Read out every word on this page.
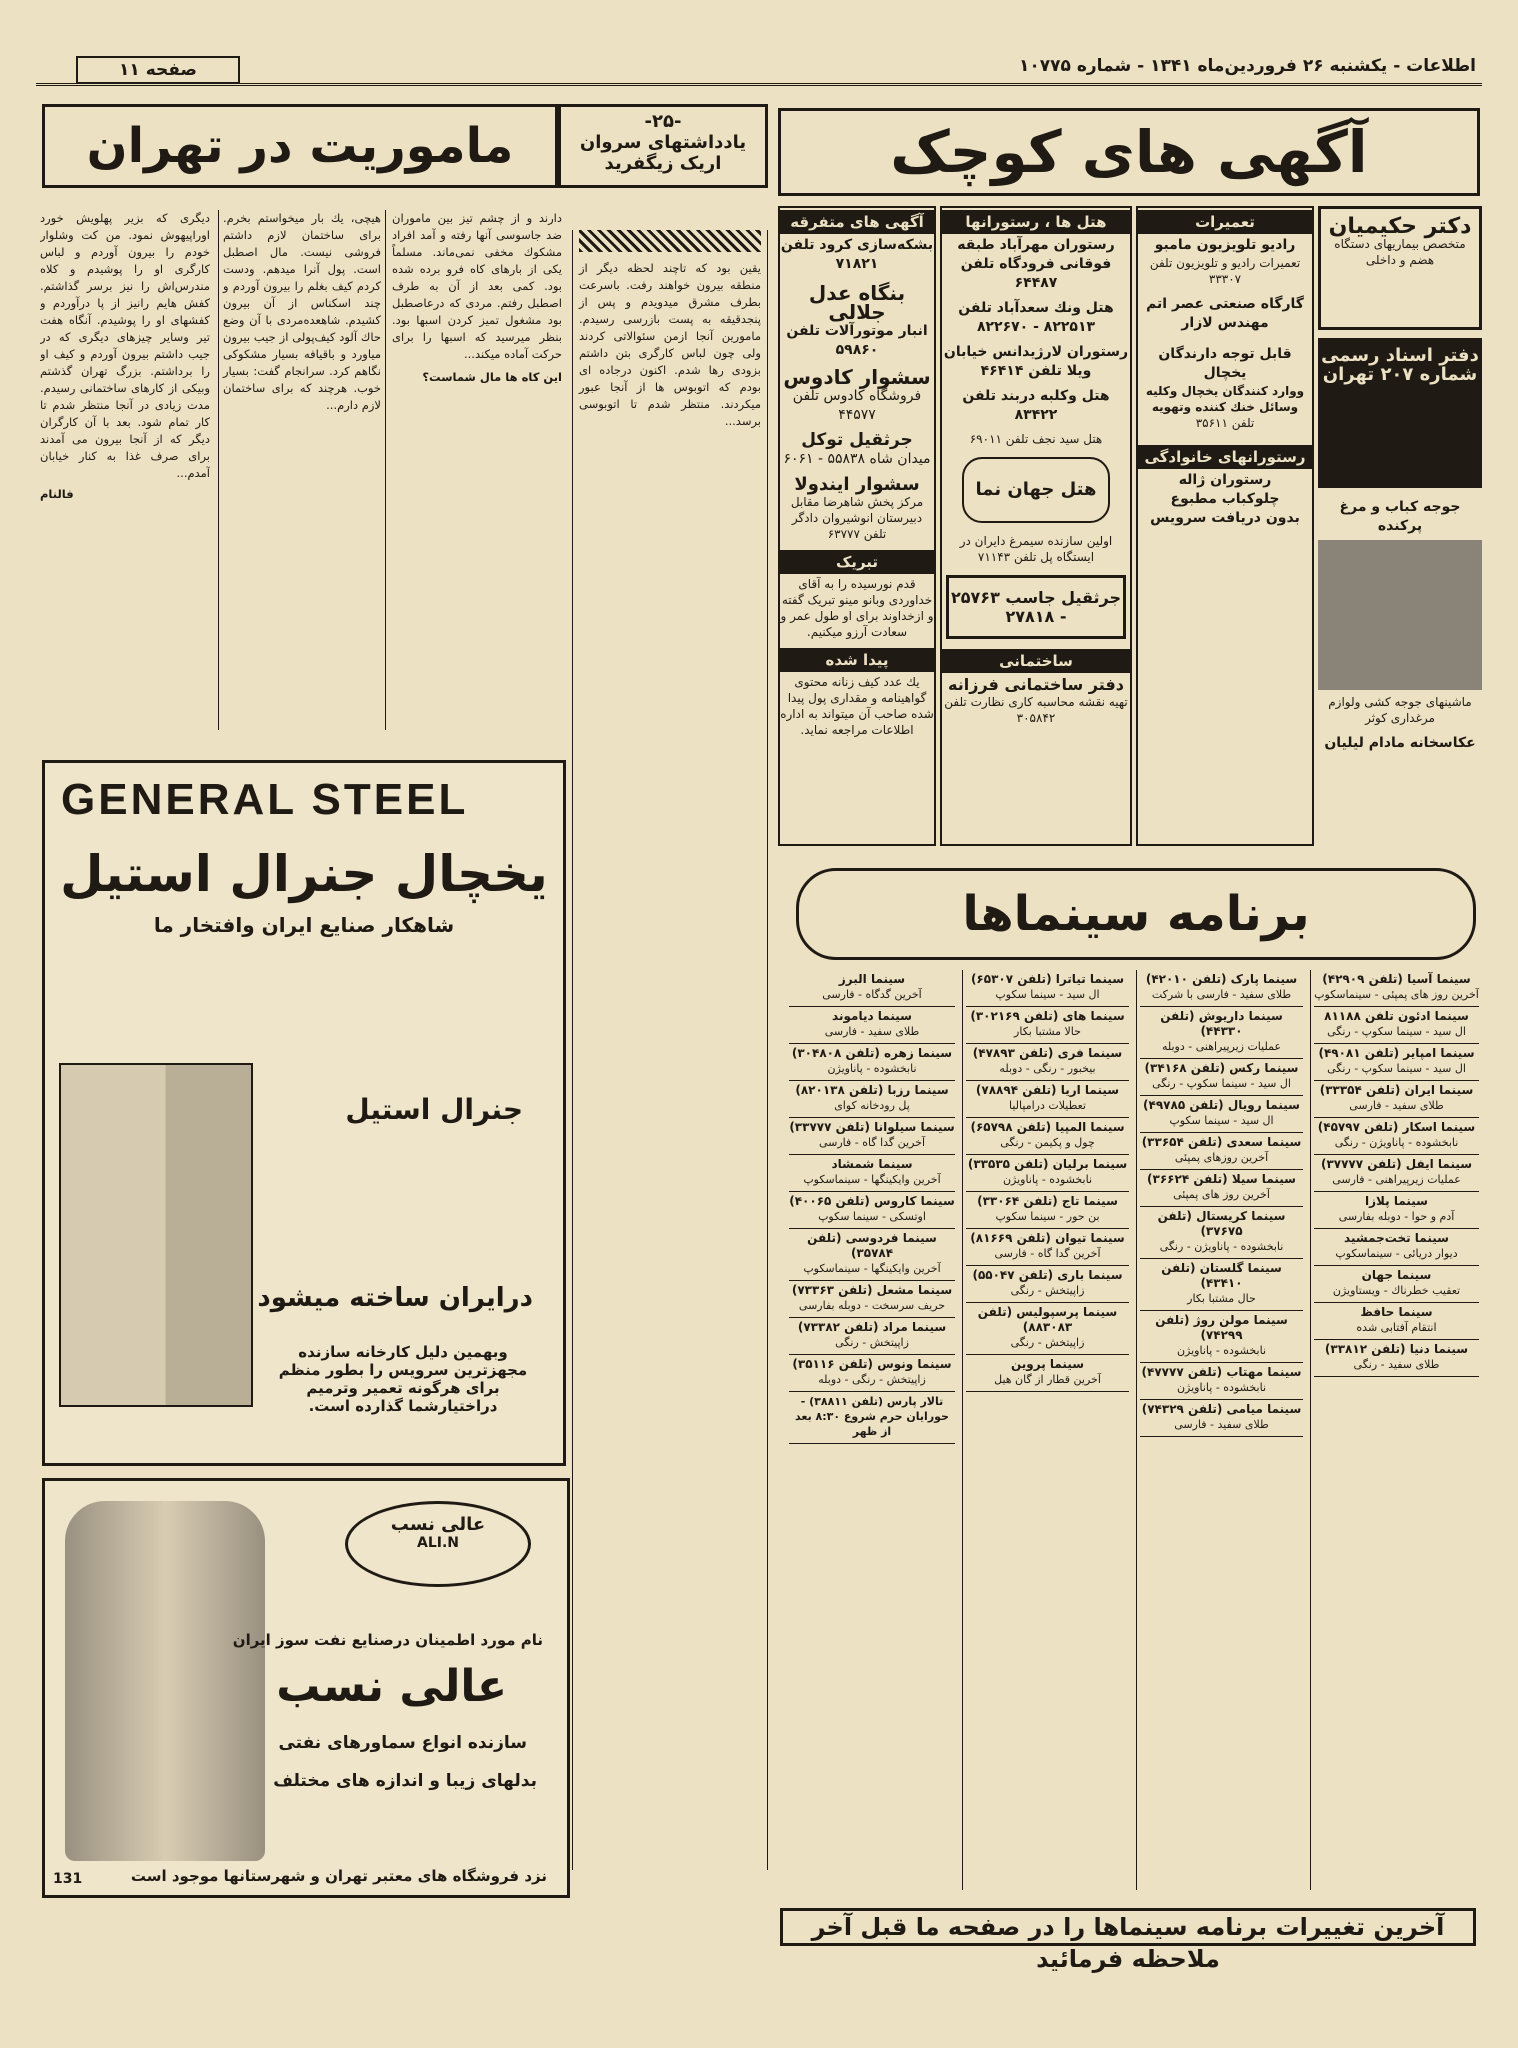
اطلاعات - یکشنبه ۲۶ فروردین‌ماه ۱۳۴۱ - شماره ۱۰۷۷۵
صفحه ۱۱
آگهی های کوچک
-۲۵-
یادداشتهای سروان
اریک زیگفرید
ماموریت در تهران
دیگری که بزیر پهلویش خورد اوراپیهوش نمود. من کت وشلوار خودم را بیرون آوردم و لباس کارگری او را پوشیدم و کلاه مندرس‌اش را نیز برسر گذاشتم. کفش هایم رانیز از پا درآوردم و کفشهای او را پوشیدم. آنگاه هفت تیر وسایر چیزهای دیگری که در جیب داشتم بیرون آوردم و کیف او را برداشتم. بزرگ تهران گذشتم وبیکی از کارهای ساختمانی رسیدم. مدت زیادی در آنجا منتظر شدم تا کار تمام شود. بعد با آن کارگران دیگر که از آنجا بیرون می آمدند برای صرف غذا به کنار خیابان آمدم...
فالنام
هیچی، یك بار میخواستم بخرم. برای ساختمان لازم داشتم فروشی نیست. مال اصطبل است. پول آنرا میدهم. ودست کردم کیف بغلم را بیرون آوردم و چند اسکناس از آن بیرون کشیدم. شاهعده‌مردی با آن وضع حاك آلود کیف‌پولی از جیب بیرون میاورد و باقیافه بسیار مشکوکی نگاهم کرد. سرانجام گفت: بسیار خوب. هرچند که برای ساختمان لازم دارم...
دارند و از چشم تیز بین ماموران ضد جاسوسی آنها رفته و آمد افراد مشکوك مخفی نمی‌ماند. مسلماً یکی از بارهای کاه فرو برده شده بود. کمی بعد از آن به طرف اصطبل رفتم. مردی که درعاصطبل بود مشغول تمیز کردن اسبها بود. بنظر میرسید که اسبها را برای حرکت آماده میکند...
این کاه ها مال شماست؟
یقین بود که تاچند لحظه دیگر از منطقه بیرون خواهند رفت. باسرعت بطرف مشرق میدویدم و پس از پنجدقیقه به پست بازرسی رسیدم. مامورین آنجا ازمن سئوالاتی کردند ولی چون لباس کارگری بتن داشتم بزودی رها شدم. اکنون درجاده ای بودم که اتوبوس ها از آنجا عبور میکردند. منتظر شدم تا اتوبوسی برسد...
آگهی های متفرقه
بشکه‌سازی کرود تلفن ۷۱۸۲۱
بنگاه عدل جلالی
انبار موتورآلات تلفن ۵۹۸۶۰
سشوار کادوس
فروشگاه کادوس تلفن ۴۴۵۷۷
جرثقیل توکل
میدان شاه ۵۵۸۳۸ - ۶۰۶۱
سشوار ایندولا
مرکز پخش شاهرضا مقابل دبیرستان انوشیروان دادگر تلفن ۶۳۷۷۷
تبریک
قدم نورسیده را به آقای خداوردی وبانو مینو تبریک گفته و ازخداوند برای او طول عمر و سعادت آرزو میکنیم.
پیدا شده
یك عدد کیف زنانه محتوی گواهینامه و مقداری پول پیدا شده صاحب آن میتواند به اداره اطلاعات مراجعه نماید.
هتل ها ، رستورانها
رستوران مهرآباد طبقه فوقانی فرودگاه تلفن ۶۴۴۸۷
هتل ونك سعدآباد تلفن ۸۲۲۵۱۳ - ۸۲۲۶۷۰
رستوران لارژیدانس خیابان ویلا تلفن ۴۶۴۱۴
هتل وکلبه دربند تلفن ۸۳۴۲۲
هتل سید نجف تلفن ۶۹۰۱۱
هتل جهان نما
اولین سازنده سیمرغ دایران در ایستگاه پل تلفن ۷۱۱۴۳
جرثقیل جاسب ۲۵۷۶۳ - ۲۷۸۱۸
ساختمانی
دفتر ساختمانی فرزانه
تهیه نقشه محاسبه کاری نظارت تلفن ۳۰۵۸۴۲
تعمیرات
رادیو تلویزیون مامبو
تعمیرات رادیو و تلویزیون تلفن ۳۳۳۰۷
گارگاه صنعتی عصر اتم
مهندس لازار
قابل توجه دارندگان یخچال
ووارد کنندگان یخچال وکلیه وسائل خنك کننده وتهویه
تلفن ۳۵۶۱۱
رستورانهای خانوادگی
رستوران ژاله
چلوکباب مطبوع
بدون دریافت سرویس
دکتر حکیمیان
متخصص بیماریهای دستگاه هضم و داخلی
دفتر اسناد رسمی
شماره ۲۰۷ تهران
جوجه کباب و مرغ پرکنده
ماشینهای جوجه کشی ولوازم مرغداری کوثر
عکاسخانه مادام لیلیان
GENERAL STEEL
یخچال جنرال استیل
شاهکار صنایع ایران وافتخار ما
جنرال استیل
درایران ساخته میشود
وبهمین دلیل کارخانه سازنده مجهزترین سرویس را بطور منظم برای هرگونه تعمیر وترمیم دراختیارشما گذارده است.
عالی نسب
ALI.N
نام مورد اطمینان درصنایع نفت سوز ایران
عالی نسب
سازنده انواع سماورهای نفتی
بدلهای زیبا و اندازه های مختلف
نزد فروشگاه های معتبر تهران و شهرستانها موجود است
131
برنامه سینماها
سینما آسیا (تلفن ۴۲۹۰۹)
آخرین روز های پمپئی - سینماسکوپ
سینما ادئون تلفن ۸۱۱۸۸
ال سید - سینما سکوپ - رنگی
سینما امپایر (تلفن ۴۹۰۸۱)
ال سید - سینما سکوپ - رنگی
سینما ایران (تلفن ۳۳۳۵۴)
طلای سفید - فارسی
سینما اسکار (تلفن ۴۵۷۹۷)
نابخشوده - پاناویژن - رنگی
سینما ایفل (تلفن ۳۷۷۷۷)
عملیات زیرپیراهنی - فارسی
سینما پلازا
آدم و حوا - دوبله بفارسی
سینما تخت‌جمشید
دیوار دریائی - سینماسکوپ
سینما جهان
تعقیب خطرناك - ویستاویژن
سینما حافظ
انتقام آفتابی شده
سینما دنیا (تلفن ۳۳۸۱۲)
طلای سفید - رنگی
سینما پارک (تلفن ۴۲۰۱۰)
طلای سفید - فارسی با شرکت
سینما داریوش (تلفن ۴۴۳۳۰)
عملیات زیرپیراهنی - دوبله
سینما رکس (تلفن ۳۴۱۶۸)
ال سید - سینما سکوپ - رنگی
سینما رویال (تلفن ۴۹۷۸۵)
ال سید - سینما سکوپ
سینما سعدی (تلفن ۳۳۶۵۴)
آخرین روزهای پمپئی
سینما سیلا (تلفن ۳۶۶۲۴)
آخرین روز های پمپئی
سینما کریستال (تلفن ۳۷۶۷۵)
نابخشوده - پاناویژن - رنگی
سینما گلستان (تلفن ۴۳۴۱۰)
حال مشتبا بکار
سینما مولن روژ (تلفن ۷۴۲۹۹)
نابخشوده - پاناویژن
سینما مهتاب (تلفن ۴۷۷۷۷)
نابخشوده - پاناویژن
سینما میامی (تلفن ۷۴۳۲۹)
طلای سفید - فارسی
سینما تیاترا (تلفن ۶۵۳۰۷)
ال سید - سینما سکوپ
سینما های (تلفن ۳۰۲۱۶۹)
حالا مشتبا بکار
سینما فری (تلفن ۴۷۸۹۳)
بیخبور - رنگی - دوبله
سینما اریا (تلفن ۷۸۸۹۴)
تعطیلات درامپالیا
سینما المپیا (تلفن ۶۵۷۹۸)
چول و پکیمن - رنگی
سینما برلیان (تلفن ۳۳۵۳۵)
نابخشوده - پاناویژن
سینما تاج (تلفن ۳۳۰۶۴)
بن حور - سینما سکوپ
سینما تیوان (تلفن ۸۱۶۶۹)
آخرین گدا گاه - فارسی
سینما باری (تلفن ۵۵۰۴۷)
زاپیتخش - رنگی
سینما پرسپولیس (تلفن ۸۸۳۰۸۳)
زاپیتخش - رنگی
سینما پروین
آخرین قطار از گان هیل
سینما البرز
آخرین گدگاه - فارسی
سینما دیاموند
طلای سفید - فارسی
سینما زهره (تلفن ۳۰۴۸۰۸)
نابخشوده - پاناویژن
سینما رزبا (تلفن ۸۲۰۱۳۸)
پل رودخانه کوای
سینما سیلوانا (تلفن ۳۳۷۷۷)
آخرین گدا گاه - فارسی
سینما شمشاد
آخرین وایکینگها - سینماسکوپ
سینما کاروس (تلفن ۴۰۰۶۵)
اوتسکی - سینما سکوپ
سینما فردوسی (تلفن ۳۵۷۸۴)
آخرین وایکینگها - سینماسکوپ
سینما مشعل (تلفن ۷۳۳۶۳)
حریف سرسخت - دوبله بفارسی
سینما مراد (تلفن ۷۳۳۸۲)
زاپیتخش - رنگی
سینما ونوس (تلفن ۳۵۱۱۶)
زاپیتخش - رنگی - دوبله
تالار پارس (تلفن ۳۸۸۱۱) - حورایان حرم شروع ۸:۳۰ بعد از ظهر
آخرین تغییرات برنامه سینماها را در صفحه ما قبل آخر ملاحظه فرمائید
